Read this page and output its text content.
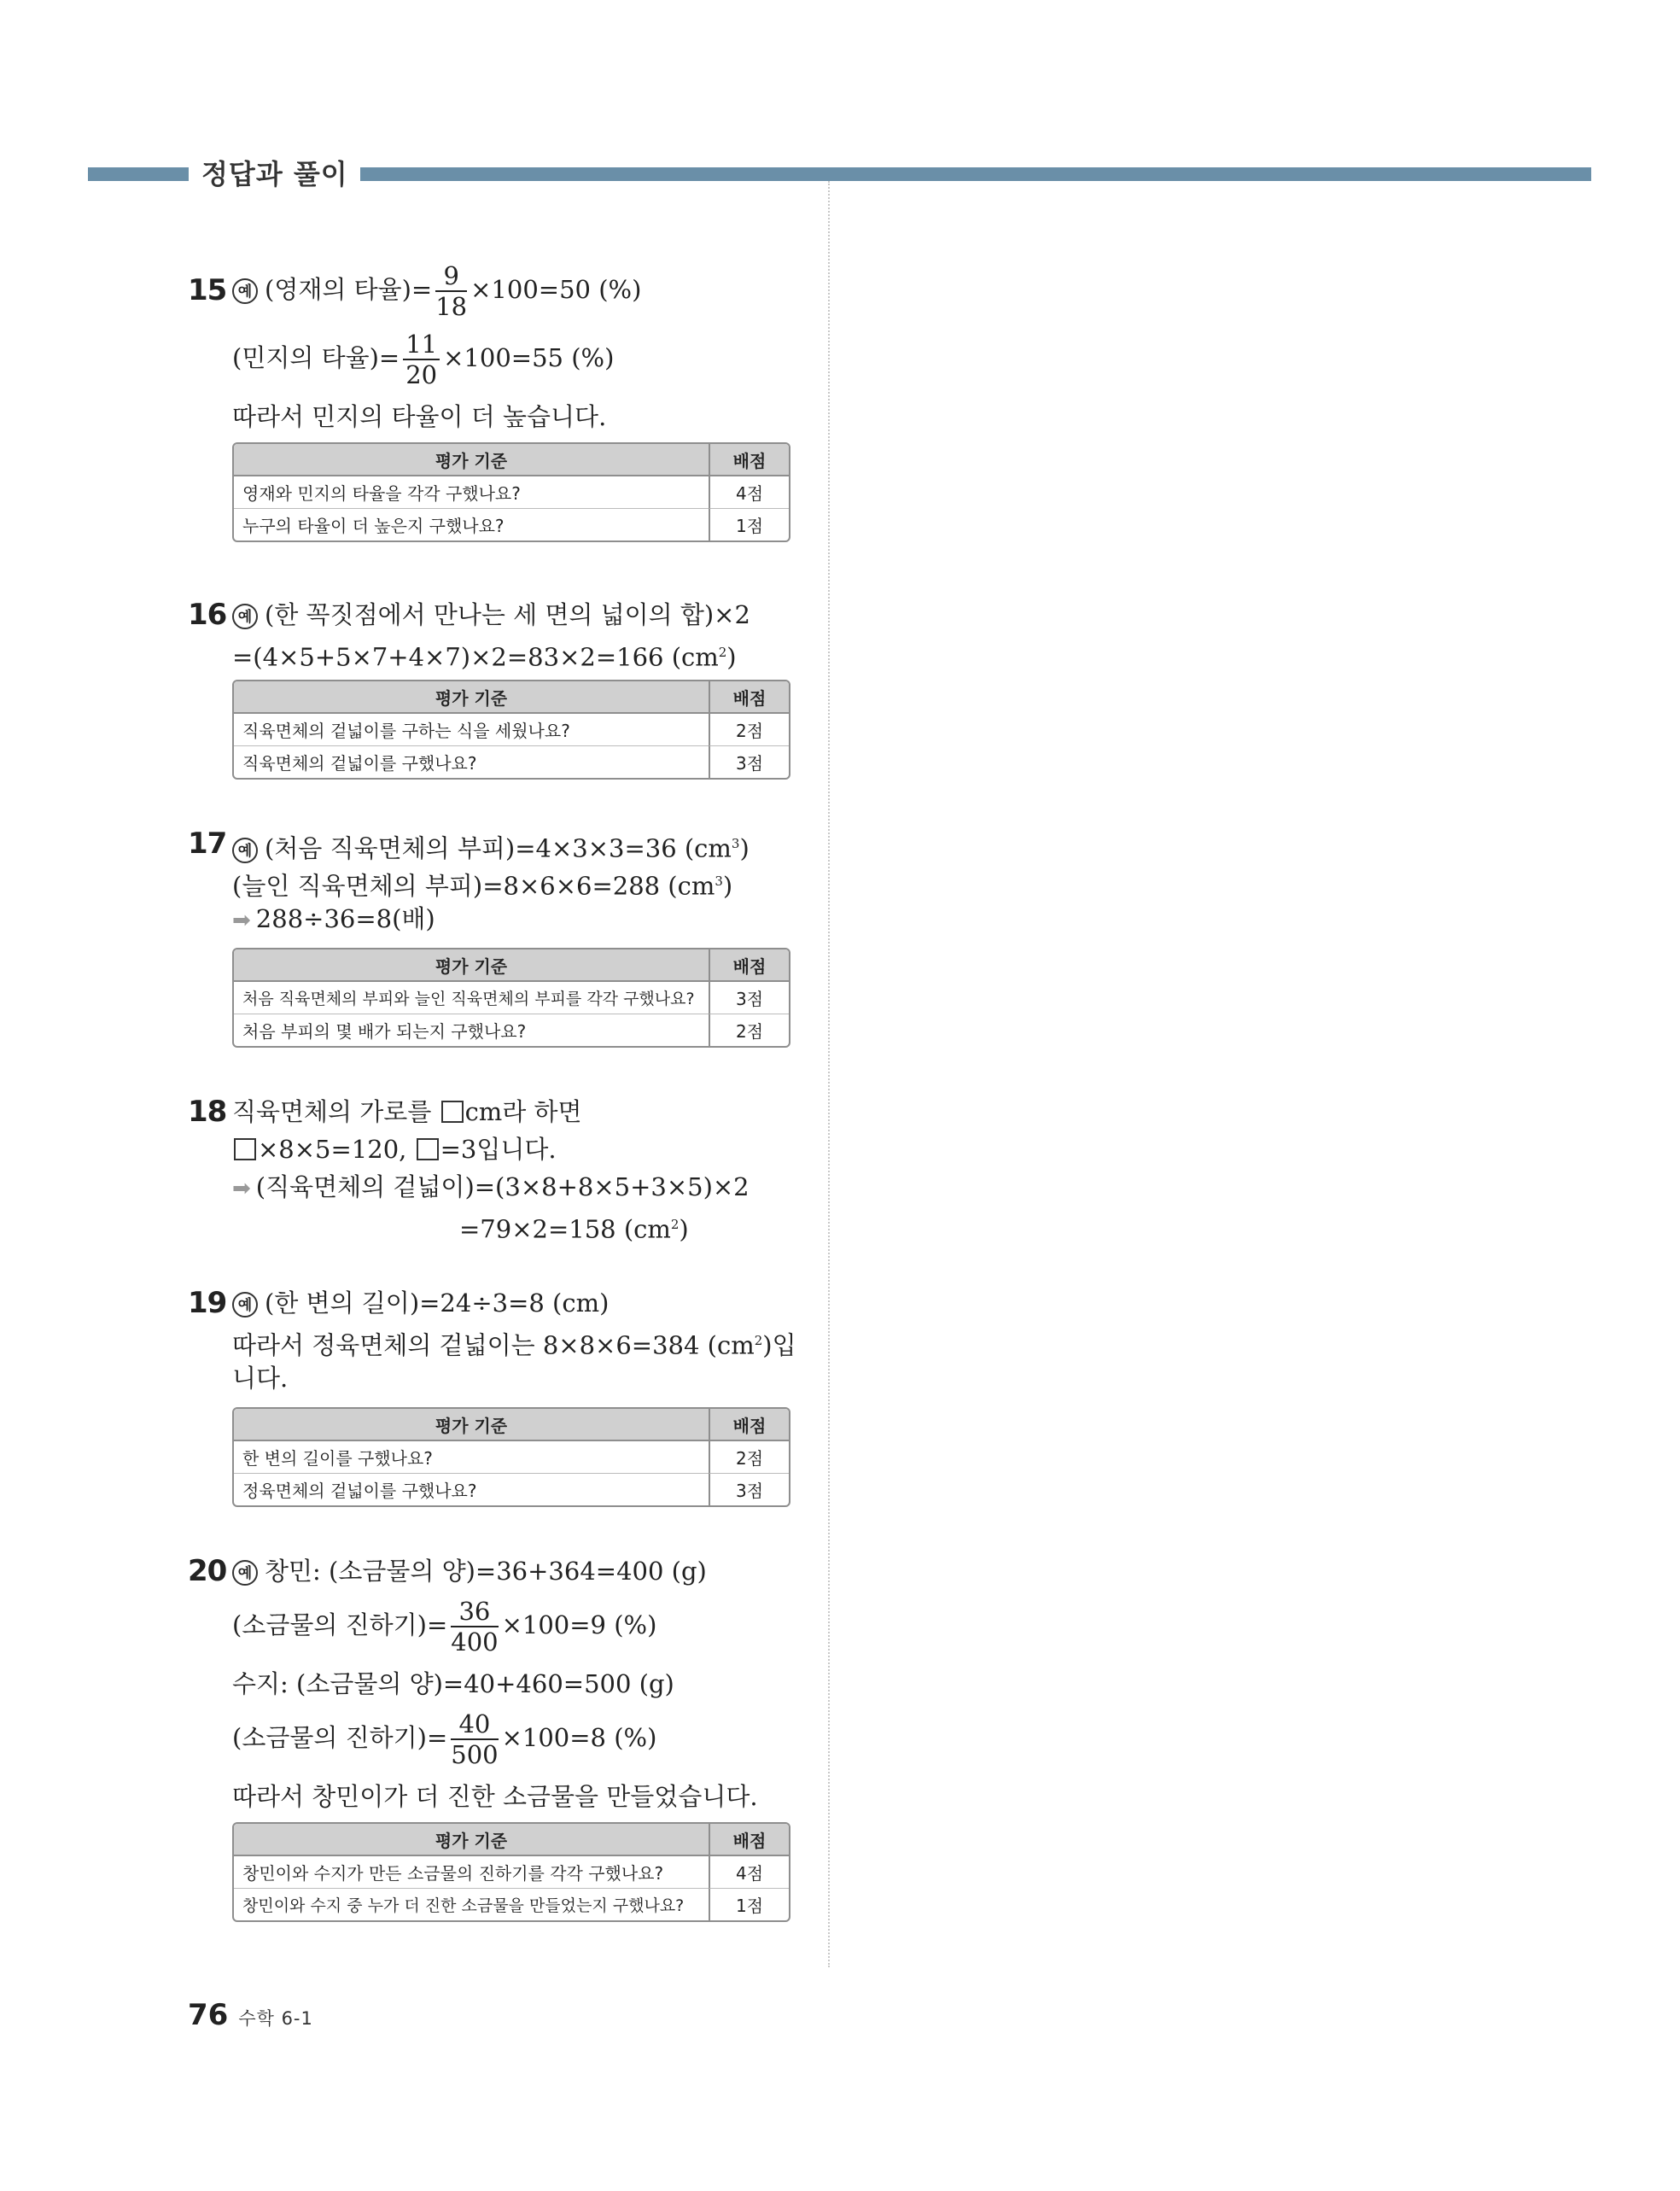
정답과 풀이
15 예 (영재의 타율)= $\frac{9}{18} \times 100=50$ (%)
(민지의 타율)= $\frac{11}{20} \times 100=55$ (%)
따라서 민지의 타율이 더 높습니다.
평가 기준	배점
영재와 민지의 타율을 각각 구했나요?	4점
누구의 타율이 더 높은지 구했나요?	1점
16 예 (한 꼭짓점에서 만나는 세 면의 넓이의 합)×2
=(4×5+5×7+4×7)×2=83×2=166 $(cm^2)$
평가 기준	배점
직육면체의 겉넓이를 구하는 식을 세웠나요?	2점
직육면체의 겉넓이를 구했나요?	3점
17 예 (처음 직육면체의 부피)=4×3×3=36 $(cm^3)$
(늘인 직육면체의 부피)=8×6×6=288 $(cm^3)$
➡ 288÷36=8(배)
평가 기준	배점
처음 직육면체의 부피와 늘인 직육면체의 부피를 각각 구했나요?	3점
처음 부피의 몇 배가 되는지 구했나요?	2점
18 직육면체의 가로를 cm라 하면
×8×5=120, =3입니다.
➡ (직육면체의 겉넓이)=(3×8+8×5+3×5)×2
=79×2=158 $(cm^2)$
19 예 (한 변의 길이)=24÷3=8 (cm)
따라서 정육면체의 겉넓이는 8×8×6=384 $(cm^2)$입
니다.
평가 기준	배점
한 변의 길이를 구했나요?	2점
정육면체의 겉넓이를 구했나요?	3점
20 예 창민: (소금물의 양)=36+364=400 (g)
(소금물의 진하기)= $\frac{36}{400} \times 100=9$ (%)
수지: (소금물의 양)=40+460=500 (g)
(소금물의 진하기)= $\frac{40}{500} \times 100=8$ (%)
따라서 창민이가 더 진한 소금물을 만들었습니다.
평가 기준	배점
창민이와 수지가 만든 소금물의 진하기를 각각 구했나요?	4점
창민이와 수지 중 누가 더 진한 소금물을 만들었는지 구했나요?	1점
76 수학 6-1
